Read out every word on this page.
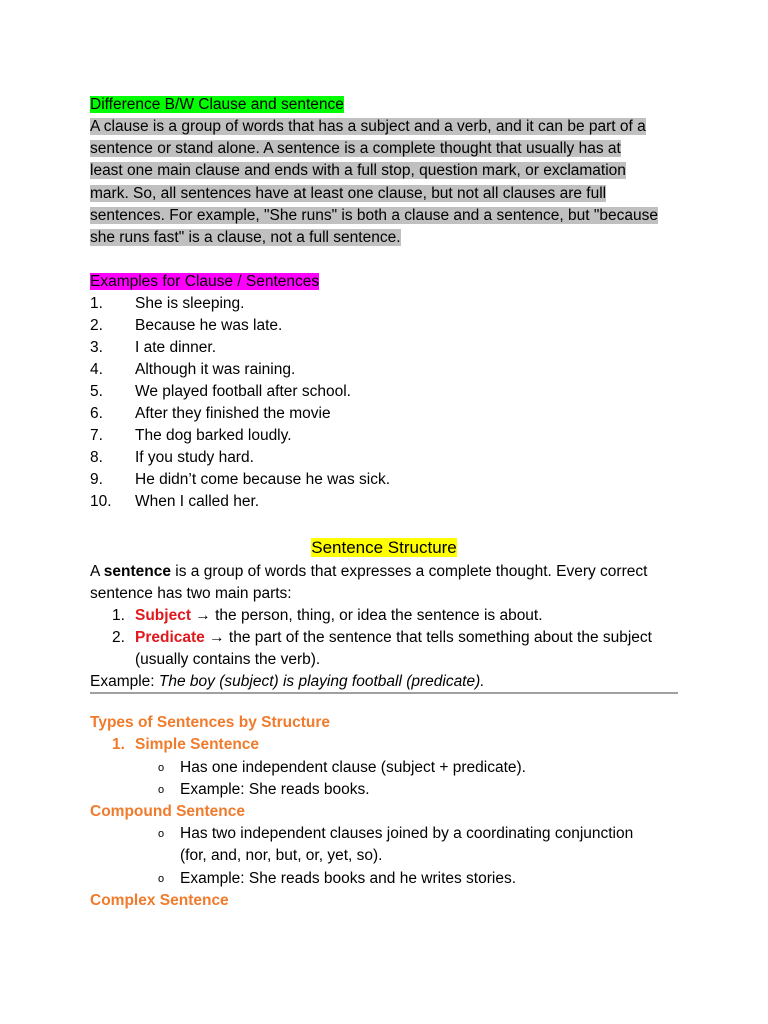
Difference B/W Clause and sentence
A clause is a group of words that has a subject and a verb, and it can be part of a
sentence or stand alone. A sentence is a complete thought that usually has at
least one main clause and ends with a full stop, question mark, or exclamation
mark. So, all sentences have at least one clause, but not all clauses are full
sentences. For example, "She runs" is both a clause and a sentence, but "because
she runs fast" is a clause, not a full sentence.
Examples for Clause / Sentences
1. She is sleeping.
2. Because he was late.
3. I ate dinner.
4. Although it was raining.
5. We played football after school.
6. After they finished the movie
7. The dog barked loudly.
8. If you study hard.
9. He didn’t come because he was sick.
10. When I called her.
Sentence Structure
A sentence is a group of words that expresses a complete thought. Every correct
sentence has two main parts:
1. Subject → the person, thing, or idea the sentence is about.
2. Predicate → the part of the sentence that tells something about the subject
(usually contains the verb).
Example: The boy (subject) is playing football (predicate).
Types of Sentences by Structure
1. Simple Sentence
o Has one independent clause (subject + predicate).
o Example: She reads books.
Compound Sentence
o Has two independent clauses joined by a coordinating conjunction
(for, and, nor, but, or, yet, so).
o Example: She reads books and he writes stories.
Complex Sentence
